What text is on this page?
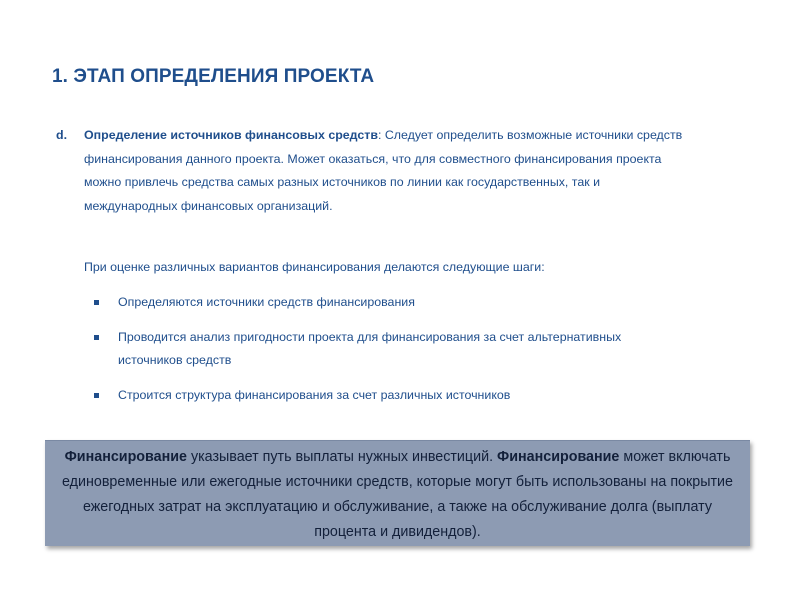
1. ЭТАП ОПРЕДЕЛЕНИЯ ПРОЕКТА
d. Определение источников финансовых средств: Следует определить возможные источники средств финансирования данного проекта. Может оказаться, что для совместного финансирования проекта можно привлечь средства самых разных источников по линии как государственных, так и международных финансовых организаций.
При оценке различных вариантов финансирования делаются следующие шаги:
Определяются источники средств финансирования
Проводится анализ пригодности проекта для финансирования за счет альтернативных источников средств
Строится структура финансирования за счет различных источников
Финансирование указывает путь выплаты нужных инвестиций. Финансирование может включать единовременные или ежегодные источники средств, которые могут быть использованы на покрытие ежегодных затрат на эксплуатацию и обслуживание, а также на обслуживание долга (выплату процента и дивидендов).
